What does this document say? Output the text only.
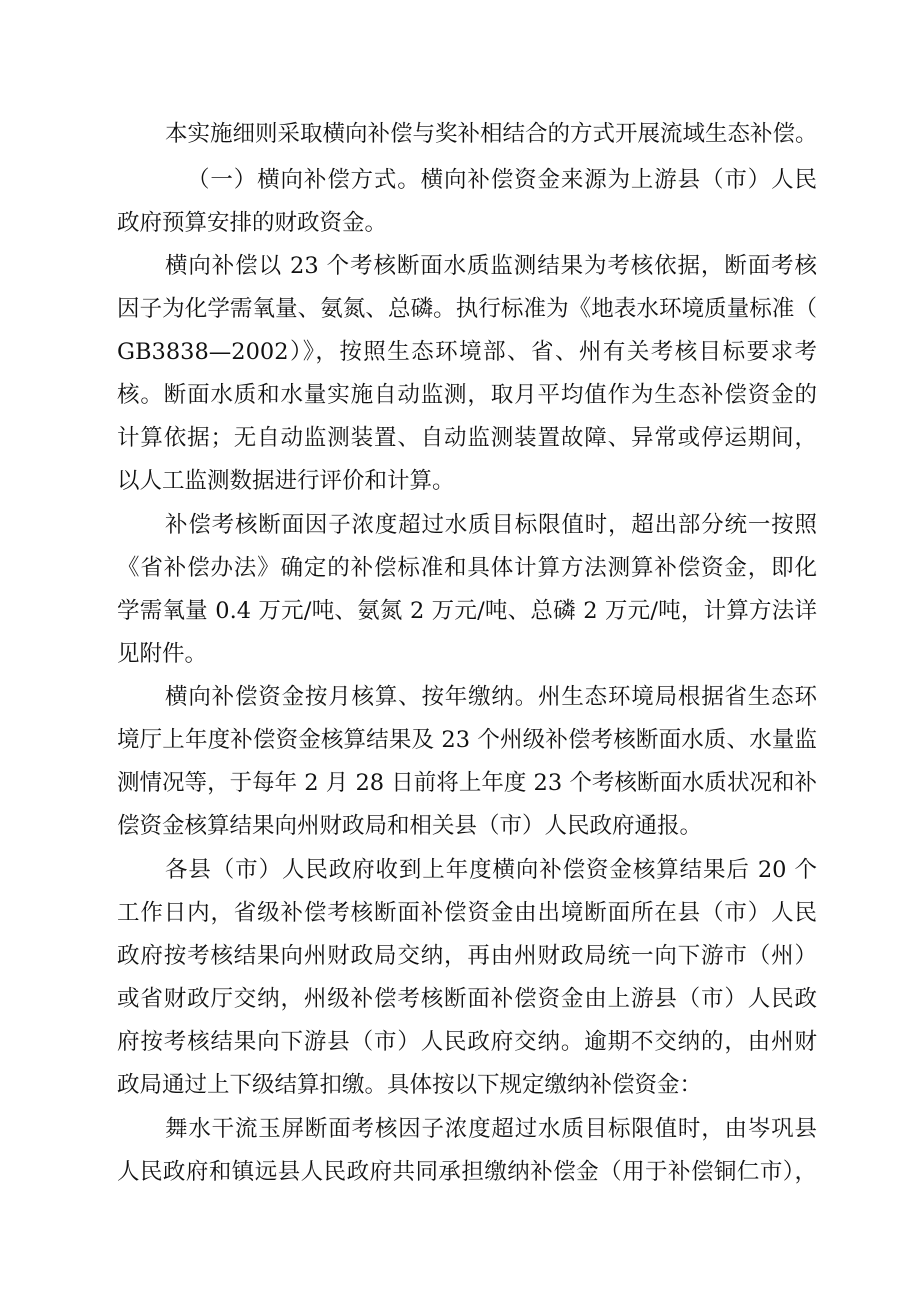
本实施细则采取横向补偿与奖补相结合的方式开展流域生态补偿。
（一）横向补偿方式。横向补偿资金来源为上游县（市）人民
政府预算安排的财政资金。
横向补偿以 23 个考核断面水质监测结果为考核依据，断面考核
因子为化学需氧量、氨氮、总磷。执行标准为《地表水环境质量标准（
GB3838—2002）》，按照生态环境部、省、州有关考核目标要求考
核。断面水质和水量实施自动监测，取月平均值作为生态补偿资金的
计算依据；无自动监测装置、自动监测装置故障、异常或停运期间，
以人工监测数据进行评价和计算。
补偿考核断面因子浓度超过水质目标限值时，超出部分统一按照
《省补偿办法》确定的补偿标准和具体计算方法测算补偿资金，即化
学需氧量 0.4 万元/吨、氨氮 2 万元/吨、总磷 2 万元/吨，计算方法详
见附件。
横向补偿资金按月核算、按年缴纳。州生态环境局根据省生态环
境厅上年度补偿资金核算结果及 23 个州级补偿考核断面水质、水量监
测情况等，于每年 2 月 28 日前将上年度 23 个考核断面水质状况和补
偿资金核算结果向州财政局和相关县（市）人民政府通报。
各县（市）人民政府收到上年度横向补偿资金核算结果后 20 个
工作日内，省级补偿考核断面补偿资金由出境断面所在县（市）人民
政府按考核结果向州财政局交纳，再由州财政局统一向下游市（州）
或省财政厅交纳，州级补偿考核断面补偿资金由上游县（市）人民政
府按考核结果向下游县（市）人民政府交纳。逾期不交纳的，由州财
政局通过上下级结算扣缴。具体按以下规定缴纳补偿资金：
舞水干流玉屏断面考核因子浓度超过水质目标限值时，由岑巩县
人民政府和镇远县人民政府共同承担缴纳补偿金（用于补偿铜仁市），
